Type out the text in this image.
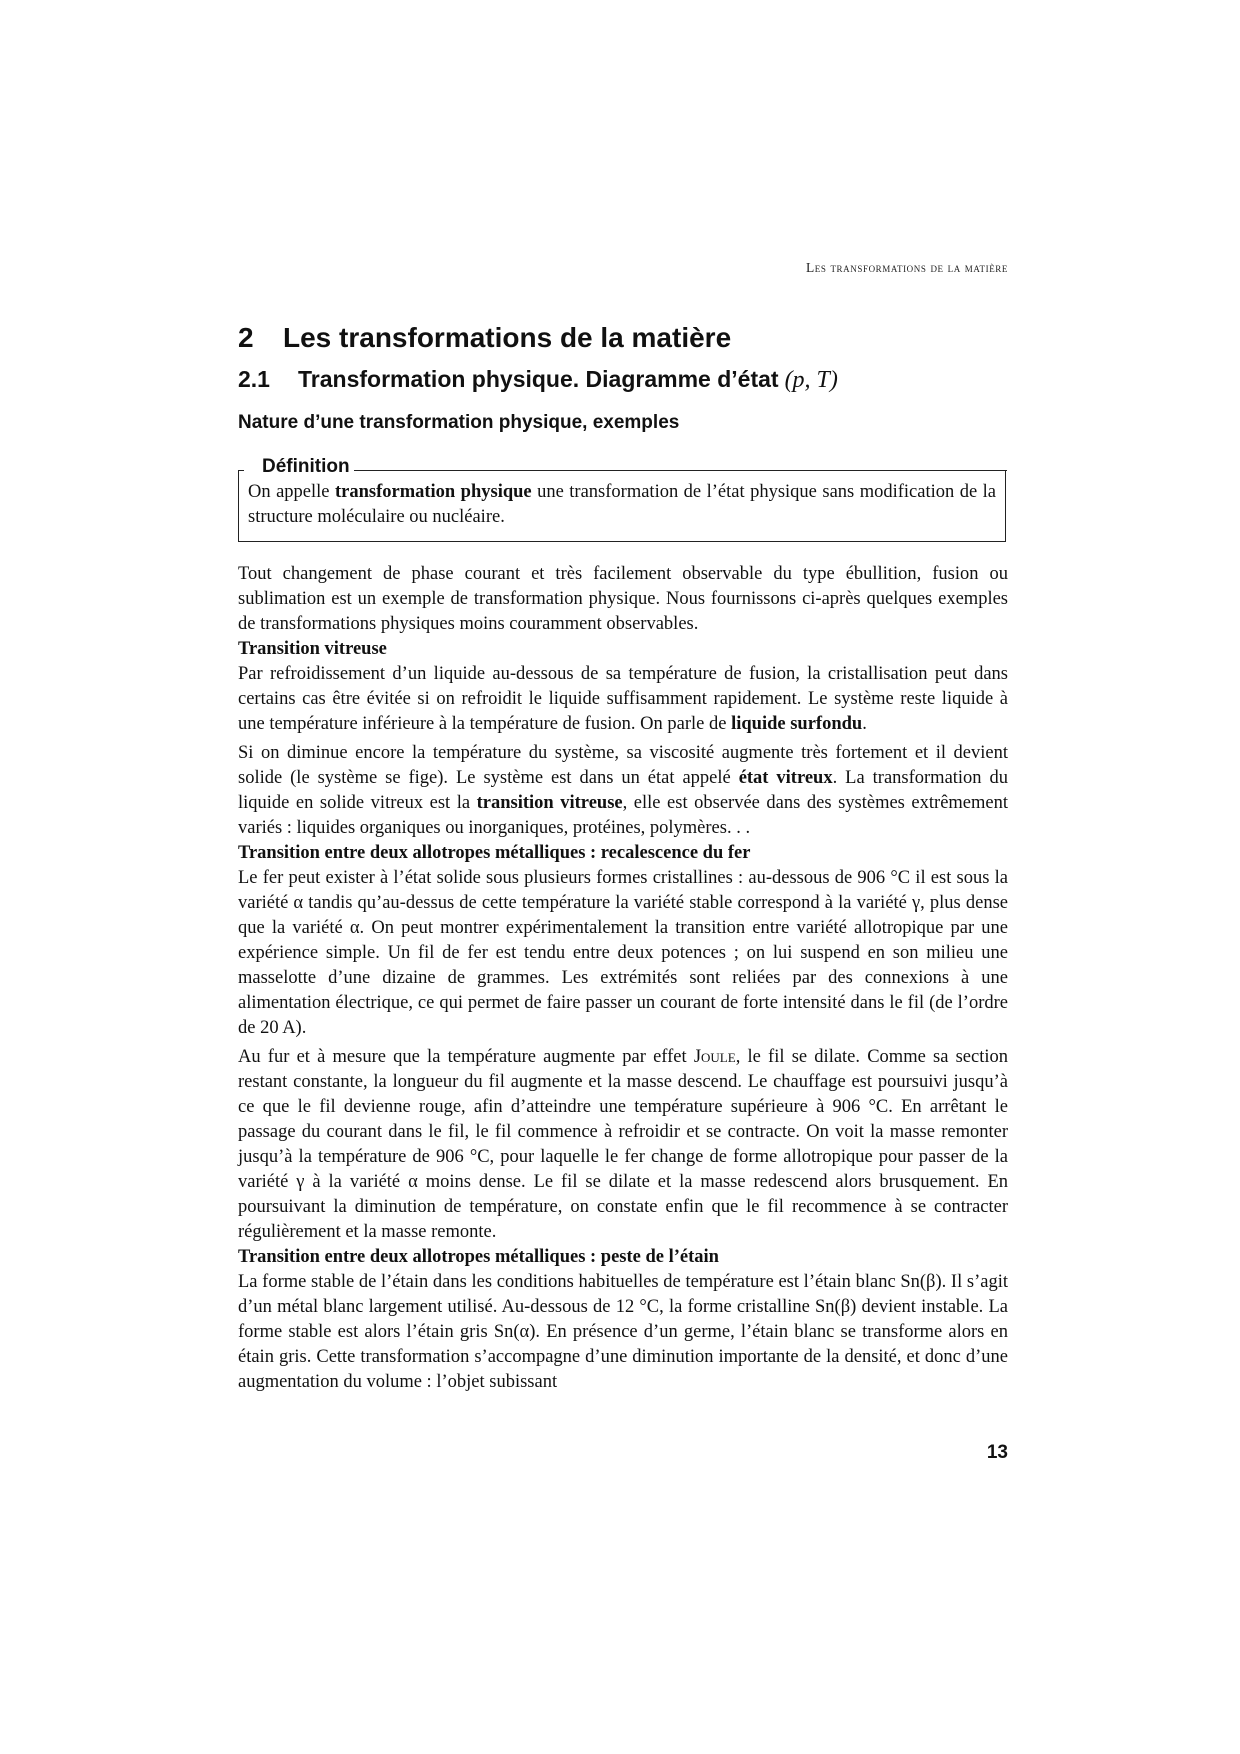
Les transformations de la matière
2 Les transformations de la matière
2.1 Transformation physique. Diagramme d’état (p, T)
Nature d’une transformation physique, exemples

On appelle transformation physique une transformation de l’état physique sans modification de la structure moléculaire ou nucléaire.

Définition

Tout changement de phase courant et très facilement observable du type ébullition, fusion ou sublimation est un exemple de transformation physique. Nous fournissons ci-après quelques exemples de transformations physiques moins couramment observables.

Transition vitreuse

Par refroidissement d’un liquide au-dessous de sa température de fusion, la cristallisation peut dans certains cas être évitée si on refroidit le liquide suffisamment rapidement. Le système reste liquide à une température inférieure à la température de fusion. On parle de liquide surfondu.

Si on diminue encore la température du système, sa viscosité augmente très fortement et il devient solide (le système se fige). Le système est dans un état appelé état vitreux. La transformation du liquide en solide vitreux est la transition vitreuse, elle est observée dans des systèmes extrêmement variés : liquides organiques ou inorganiques, protéines, polymères. . .

Transition entre deux allotropes métalliques : recalescence du fer

Le fer peut exister à l’état solide sous plusieurs formes cristallines : au-dessous de 906 °C il est sous la variété α tandis qu’au-dessus de cette température la variété stable correspond à la variété γ, plus dense que la variété α. On peut montrer expérimentalement la transition entre variété allotropique par une expérience simple. Un fil de fer est tendu entre deux potences ; on lui suspend en son milieu une masselotte d’une dizaine de grammes. Les extrémités sont reliées par des connexions à une alimentation électrique, ce qui permet de faire passer un courant de forte intensité dans le fil (de l’ordre de 20 A).

Au fur et à mesure que la température augmente par effet Joule, le fil se dilate. Comme sa section restant constante, la longueur du fil augmente et la masse descend. Le chauffage est poursuivi jusqu’à ce que le fil devienne rouge, afin d’atteindre une température supérieure à 906 °C. En arrêtant le passage du courant dans le fil, le fil commence à refroidir et se contracte. On voit la masse remonter jusqu’à la température de 906 °C, pour laquelle le fer change de forme allotropique pour passer de la variété γ à la variété α moins dense. Le fil se dilate et la masse redescend alors brusquement. En poursuivant la diminution de température, on constate enfin que le fil recommence à se contracter régulièrement et la masse remonte.

Transition entre deux allotropes métalliques : peste de l’étain

La forme stable de l’étain dans les conditions habituelles de température est l’étain blanc Sn(β). Il s’agit d’un métal blanc largement utilisé. Au-dessous de 12 °C, la forme cristalline Sn(β) devient instable. La forme stable est alors l’étain gris Sn(α). En présence d’un germe, l’étain blanc se transforme alors en étain gris. Cette transformation s’accompagne d’une diminution importante de la densité, et donc d’une augmentation du volume : l’objet subissant

13
